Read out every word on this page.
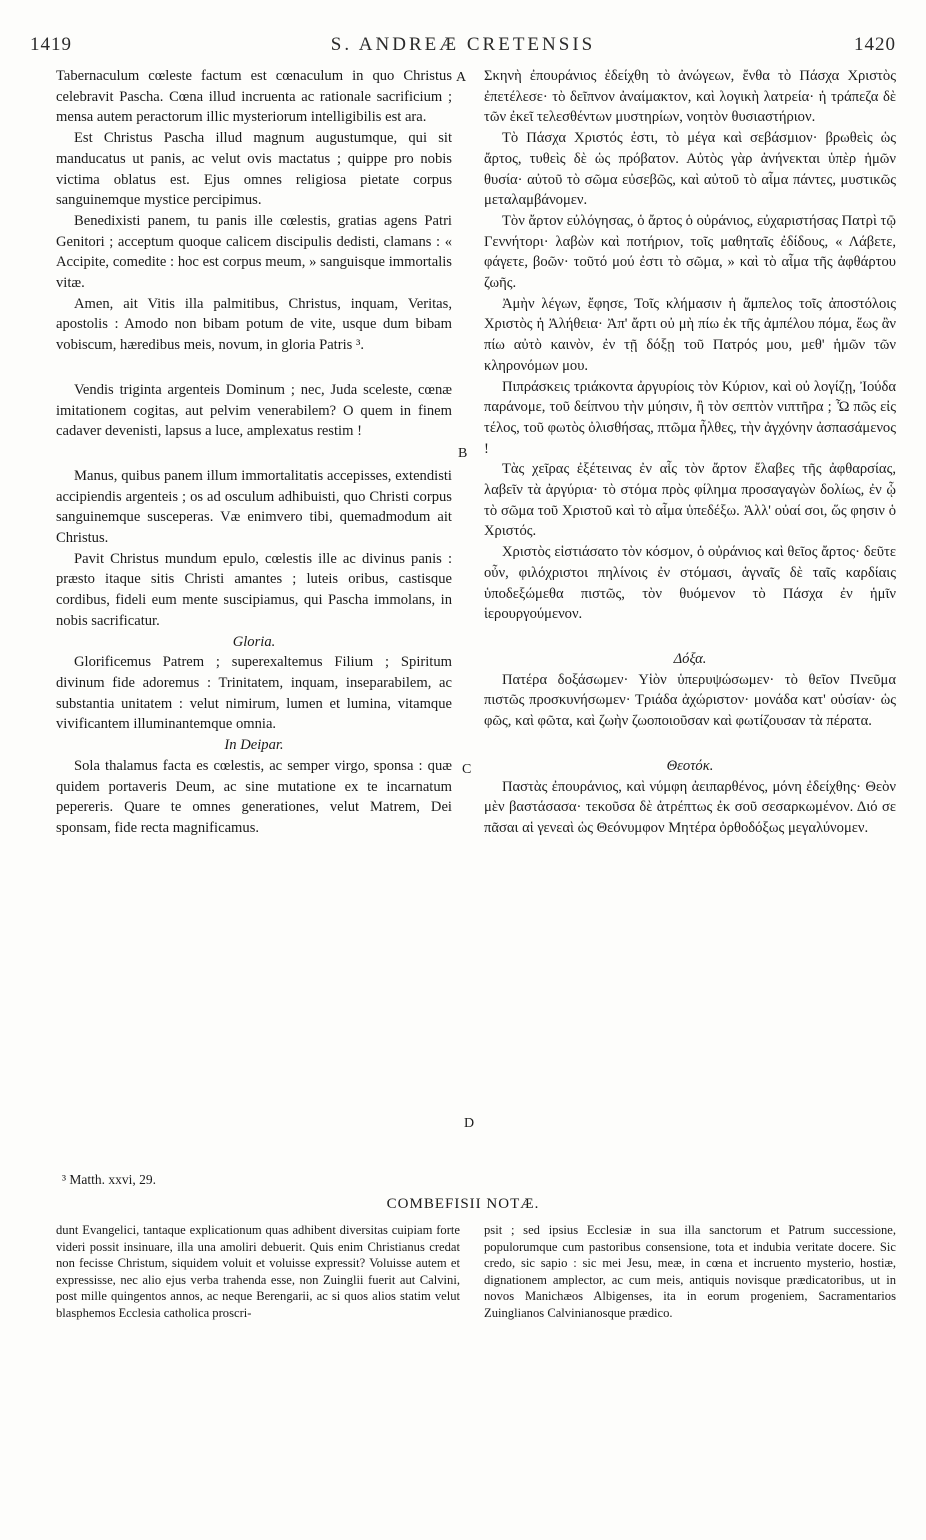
1419	S. ANDREÆ CRETENSIS	1420

Tabernaculum cœleste factum est cœnaculum in quo Christus celebravit Pascha. Cœna illud incruenta ac rationale sacrificium ; mensa autem peractorum illic mysteriorum intelligibilis est ara.

Est Christus Pascha illud magnum augustumque, qui sit manducatus ut panis, ac velut ovis mactatus ; quippe pro nobis victima oblatus est. Ejus omnes religiosa pietate corpus sanguinemque mystice percipimus.

Benedixisti panem, tu panis ille cœlestis, gratias agens Patri Genitori ; acceptum quoque calicem discipulis dedisti, clamans : « Accipite, comedite : hoc est corpus meum, » sanguisque immortalis vitæ.

Amen, ait Vitis illa palmitibus, Christus, inquam, Veritas, apostolis : Amodo non bibam potum de vite, usque dum bibam vobiscum, hæredibus meis, novum, in gloria Patris ³.

Vendis triginta argenteis Dominum ; nec, Juda sceleste, cœnæ imitationem cogitas, aut pelvim venerabilem? O quem in finem cadaver devenisti, lapsus a luce, amplexatus restim !

Manus, quibus panem illum immortalitatis accepisses, extendisti accipiendis argenteis ; os ad osculum adhibuisti, quo Christi corpus sanguinemque susceperas. Væ enimvero tibi, quemadmodum ait Christus.

Pavit Christus mundum epulo, cœlestis ille ac divinus panis : præsto itaque sitis Christi amantes ; luteis oribus, castisque cordibus, fideli eum mente suscipiamus, qui Pascha immolans, in nobis sacrificatur.

Gloria.

Glorificemus Patrem ; superexaltemus Filium ; Spiritum divinum fide adoremus : Trinitatem, inquam, inseparabilem, ac substantia unitatem : velut nimirum, lumen et lumina, vitamque vivificantem illuminantemque omnia.

In Deipar.

Sola thalamus facta es cœlestis, ac semper virgo, sponsa : quæ quidem portaveris Deum, ac sine mutatione ex te incarnatum pepereris. Quare te omnes generationes, velut Matrem, Dei sponsam, fide recta magnificamus.

Σκηνὴ ἐπουράνιος ἐδείχθη τὸ ἀνώγεων, ἔνθα τὸ Πάσχα Χριστὸς ἐπετέλεσε· τὸ δεῖπνον ἀναίμακτον, καὶ λογικὴ λατρεία· ἡ τράπεζα δὲ τῶν ἐκεῖ τελεσθέντων μυστηρίων, νοητὸν θυσιαστήριον.

Τὸ Πάσχα Χριστός ἐστι, τὸ μέγα καὶ σεβάσμιον· βρωθεὶς ὡς ἄρτος, τυθεὶς δὲ ὡς πρόβατον. Αὐτὸς γὰρ ἀνήνεκται ὑπὲρ ἡμῶν θυσία· αὐτοῦ τὸ σῶμα εὐσεβῶς, καὶ αὐτοῦ τὸ αἷμα πάντες, μυστικῶς μεταλαμβάνομεν.

Τὸν ἄρτον εὐλόγησας, ὁ ἄρτος ὁ οὐράνιος, εὐχαριστήσας Πατρὶ τῷ Γεννήτορι· λαβὼν καὶ ποτήριον, τοῖς μαθηταῖς ἐδίδους, « Λάβετε, φάγετε, βοῶν· τοῦτό μού ἐστι τὸ σῶμα, » καὶ τὸ αἷμα τῆς ἀφθάρτου ζωῆς.

Ἀμὴν λέγων, ἔφησε, Τοῖς κλήμασιν ἡ ἄμπελος τοῖς ἀποστόλοις Χριστὸς ἡ Ἀλήθεια· Ἀπ' ἄρτι οὐ μὴ πίω ἐκ τῆς ἀμπέλου πόμα, ἕως ἂν πίω αὐτὸ καινὸν, ἐν τῇ δόξῃ τοῦ Πατρός μου, μεθ' ἡμῶν τῶν κληρονόμων μου.

Πιπράσκεις τριάκοντα ἀργυρίοις τὸν Κύριον, καὶ οὐ λογίζῃ, Ἰούδα παράνομε, τοῦ δείπνου τὴν μύησιν, ἢ τὸν σεπτὸν νιπτῆρα ; Ὦ πῶς εἰς τέλος, τοῦ φωτὸς ὀλισθήσας, πτῶμα ἦλθες, τὴν ἀγχόνην ἀσπασάμενος !

Τὰς χεῖρας ἐξέτεινας ἐν αἷς τὸν ἄρτον ἔλαβες τῆς ἀφθαρσίας, λαβεῖν τὰ ἀργύρια· τὸ στόμα πρὸς φίλημα προσαγαγὼν δολίως, ἐν ᾧ τὸ σῶμα τοῦ Χριστοῦ καὶ τὸ αἷμα ὑπεδέξω. Ἀλλ' οὐαί σοι, ὥς φησιν ὁ Χριστός.

Χριστὸς εἱστιάσατο τὸν κόσμον, ὁ οὐράνιος καὶ θεῖος ἄρτος· δεῦτε οὖν, φιλόχριστοι πηλίνοις ἐν στόμασι, ἁγναῖς δὲ ταῖς καρδίαις ὑποδεξώμεθα πιστῶς, τὸν θυόμενον τὸ Πάσχα ἐν ἡμῖν ἱερουργούμενον.

Δόξα.

Πατέρα δοξάσωμεν· Υἱὸν ὑπερυψώσωμεν· τὸ θεῖον Πνεῦμα πιστῶς προσκυνήσωμεν· Τριάδα ἀχώριστον· μονάδα κατ' οὐσίαν· ὡς φῶς, καὶ φῶτα, καὶ ζωὴν ζωοποιοῦσαν καὶ φωτίζουσαν τὰ πέρατα.

Θεοτόκ.

Παστὰς ἐπουράνιος, καὶ νύμφη ἀειπαρθένος, μόνη ἐδείχθης· Θεὸν μὲν βαστάσασα· τεκοῦσα δὲ ἀτρέπτως ἐκ σοῦ σεσαρκωμένον. Διό σε πᾶσαι αἱ γενεαὶ ὡς Θεόνυμφον Μητέρα ὀρθοδόξως μεγαλύνομεν.

A
B
C
D
³ Matth. xxvi, 29.
COMBEFISII NOTÆ.

dunt Evangelici, tantaque explicationum quas adhibent diversitas cuipiam forte videri possit insinuare, illa una amoliri debuerit. Quis enim Christianus credat non fecisse Christum, siquidem voluit et voluisse expressit? Voluisse autem et expressisse, nec alio ejus verba trahenda esse, non Zuinglii fuerit aut Calvini, post mille quingentos annos, ac neque Berengarii, ac si quos alios statim velut blasphemos Ecclesia catholica proscri-

psit ; sed ipsius Ecclesiæ in sua illa sanctorum et Patrum successione, populorumque cum pastoribus consensione, tota et indubia veritate docere. Sic credo, sic sapio : sic mei Jesu, meæ, in cœna et incruento mysterio, hostiæ, dignationem amplector, ac cum meis, antiquis novisque prædicatoribus, ut in novos Manichæos Albigenses, ita in eorum progeniem, Sacramentarios Zuinglianos Calvinianosque prædico.
